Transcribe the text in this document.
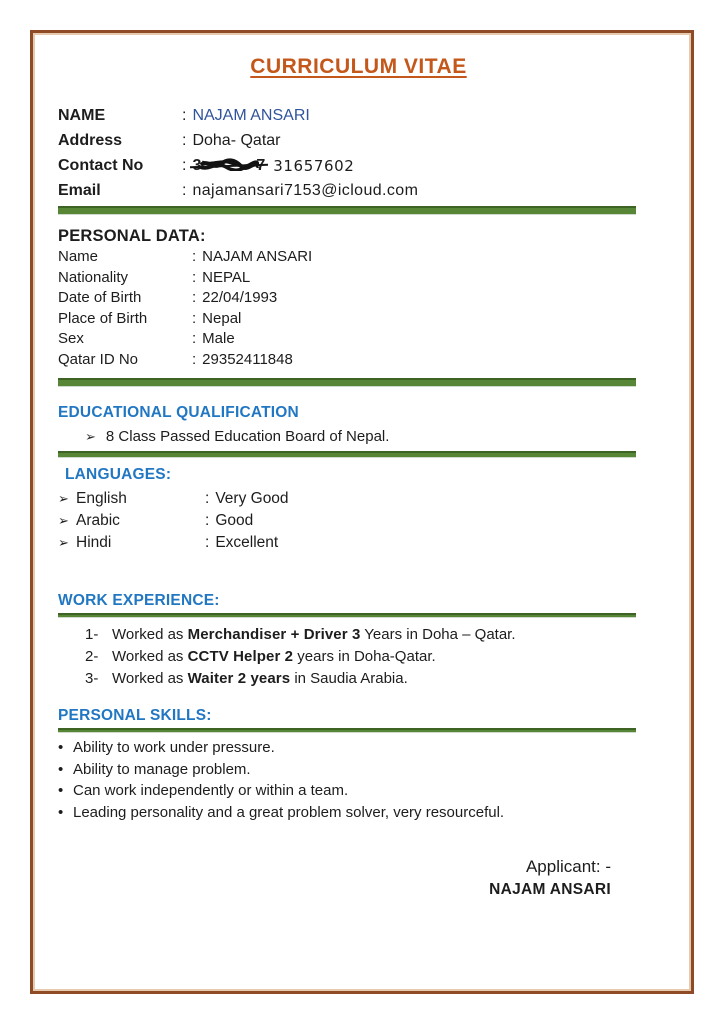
CURRICULUM VITAE
NAME	: NAJAM ANSARI
Address	: Doha- Qatar
Contact No	:	31657602
Email	: najamansari7153@icloud.com
PERSONAL DATA:
Name	: NAJAM ANSARI
Nationality	: NEPAL
Date of Birth	: 22/04/1993
Place of Birth	: Nepal
Sex	: Male
Qatar ID No	: 29352411848
EDUCATIONAL QUALIFICATION
➢ 8 Class Passed Education Board of Nepal.
LANGUAGES:
➢ English	: Very Good
➢ Arabic	: Good
➢ Hindi	: Excellent
WORK EXPERIENCE:
1- Worked as Merchandiser + Driver 3 Years in Doha – Qatar.
2- Worked as CCTV Helper 2 years in Doha-Qatar.
3- Worked as Waiter 2 years in Saudia Arabia.
PERSONAL SKILLS:
• Ability to work under pressure.
• Ability to manage problem.
• Can work independently or within a team.
• Leading personality and a great problem solver, very resourceful.
Applicant: -
NAJAM ANSARI
